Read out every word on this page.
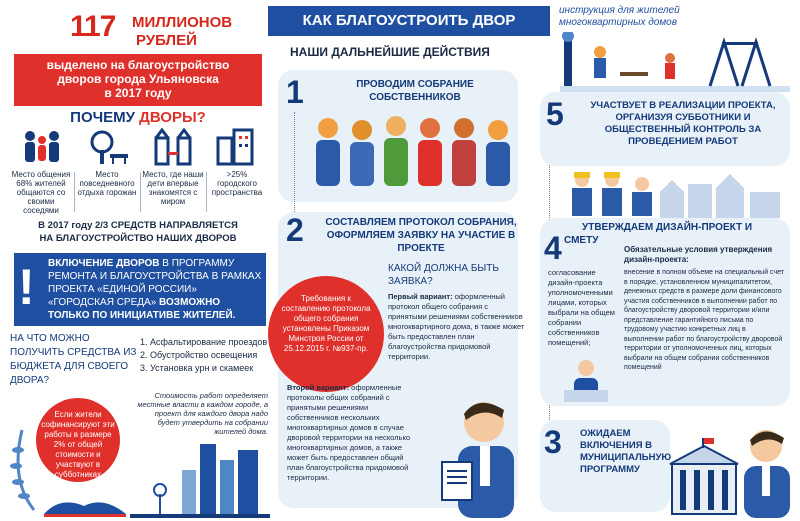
117 МИЛЛИОНОВ
РУБЛЕЙ
выделено на благоустройство
дворов города Ульяновска
в 2017 году
ПОЧЕМУ ДВОРЫ?
Место общения 68% жителей общаются со своими соседями
Место повседневного отдыха горожан
Место, где наши дети впервые знакомятся с миром
>25% городского пространства
В 2017 году 2/3 СРЕДСТВ НАПРАВЛЯЕТСЯ
НА БЛАГОУСТРОЙСТВО НАШИХ ДВОРОВ
! ВКЛЮЧЕНИЕ ДВОРОВ В ПРОГРАММУ РЕМОНТА И БЛАГОУСТРОЙСТВА В РАМКАХ ПРОЕКТА «ЕДИНОЙ РОССИИ» «ГОРОДСКАЯ СРЕДА» ВОЗМОЖНО ТОЛЬКО ПО ИНИЦИАТИВЕ ЖИТЕЛЕЙ.
НА ЧТО МОЖНО ПОЛУЧИТЬ СРЕДСТВА ИЗ БЮДЖЕТА ДЛЯ СВОЕГО ДВОРА?
1. Асфальтирование проездов
2. Обустройство освещения
3. Установка урн и скамеек
Стоимость работ определяет местные власти в каждом городе, а проект для каждого двора надо будет утвердить на собрании жителей дома.
Если жители софинансируют эти работы в размере 2% от общей стоимости и участвуют в субботниках
КАК БЛАГОУСТРОИТЬ ДВОР
инструкция для жителей многоквартирных домов
НАШИ ДАЛЬНЕЙШИЕ ДЕЙСТВИЯ
1	ПРОВОДИМ СОБРАНИЕ СОБСТВЕННИКОВ
2	СОСТАВЛЯЕМ ПРОТОКОЛ СОБРАНИЯ, ОФОРМЛЯЕМ ЗАЯВКУ НА УЧАСТИЕ В ПРОЕКТЕ
Требования к составлению протокола общего собрания установлены Приказом Минстроя России от 25.12.2015 г. №937-пр.
КАКОЙ ДОЛЖНА БЫТЬ ЗАЯВКА?
Первый вариант: оформленный протокол общего собрания с принятыми решениями собственников многоквартирного дома, в также может быть предоставлен план благоустройства придомовой территории.
Второй вариант: оформленные протоколы общих собраний с принятыми решениями собственников нескольких многоквартирных домов в случае дворовой территории на несколько многоквартирных домов, а также может быть предоставлен общий план благоустройства придомовой территории.
5	УЧАСТВУЕТ В РЕАЛИЗАЦИИ ПРОЕКТА, ОРГАНИЗУЯ СУББОТНИКИ И ОБЩЕСТВЕННЫЙ КОНТРОЛЬ ЗА ПРОВЕДЕНИЕМ РАБОТ
4
УТВЕРЖДАЕМ ДИЗАЙН-ПРОЕКТ И СМЕТУ
Обязательные условия утверждения дизайн-проекта:
согласование дизайн-проекта уполномоченными лицами, которых выбрали на общем собрании собственников помещений;
внесение в полном объеме на специальный счет в порядке, установленном муниципалитетом, денежных средств в размере доли финансового участия собственников в выполнении работ по благоустройству дворовой территории и/или представление гарантийного письма по трудовому участию конкретных лиц в выполнении работ по благоустройству дворовой территории от уполномоченных лиц, которых выбрали на общем собрании собственников помещений
3 ОЖИДАЕМ ВКЛЮЧЕНИЯ В МУНИЦИПАЛЬНУЮ ПРОГРАММУ
